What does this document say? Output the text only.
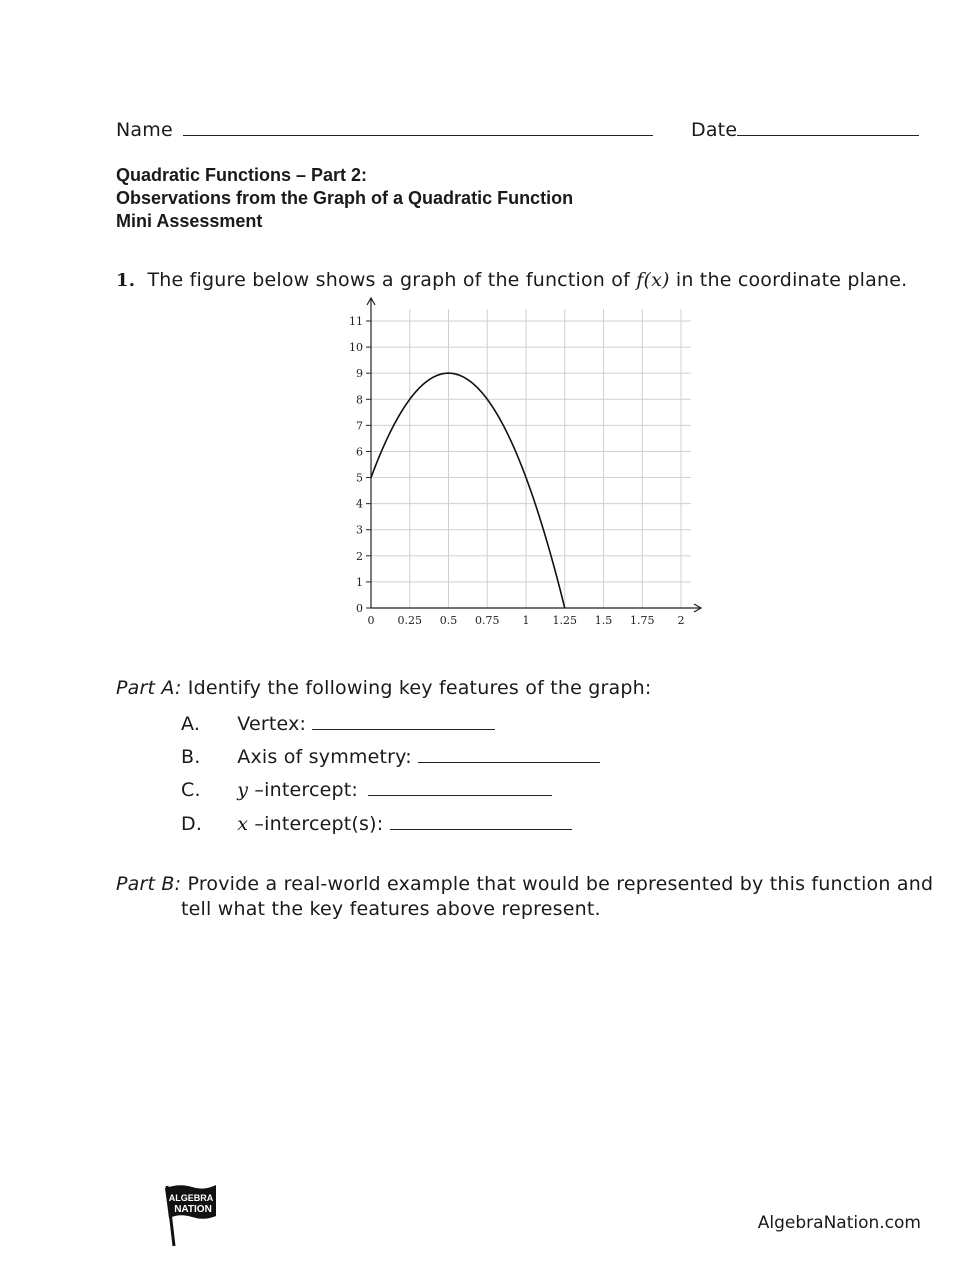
Name	Date
Quadratic Functions – Part 2:
Observations from the Graph of a Quadratic Function
Mini Assessment
1. The figure below shows a graph of the function of f(x) in the coordinate plane.
0 0.25 0.5 0.75 1 1.25 1.5 1.75 2
0
1
2
3
4
5
6
7
8
9
10
11
Part A: Identify the following key features of the graph:
A. Vertex:
B. Axis of symmetry:
C. y –intercept:
D. x –intercept(s):
Part B: Provide a real-world example that would be represented by this function and
tell what the key features above represent.
ALGEBRA
NATION
AlgebraNation.com
